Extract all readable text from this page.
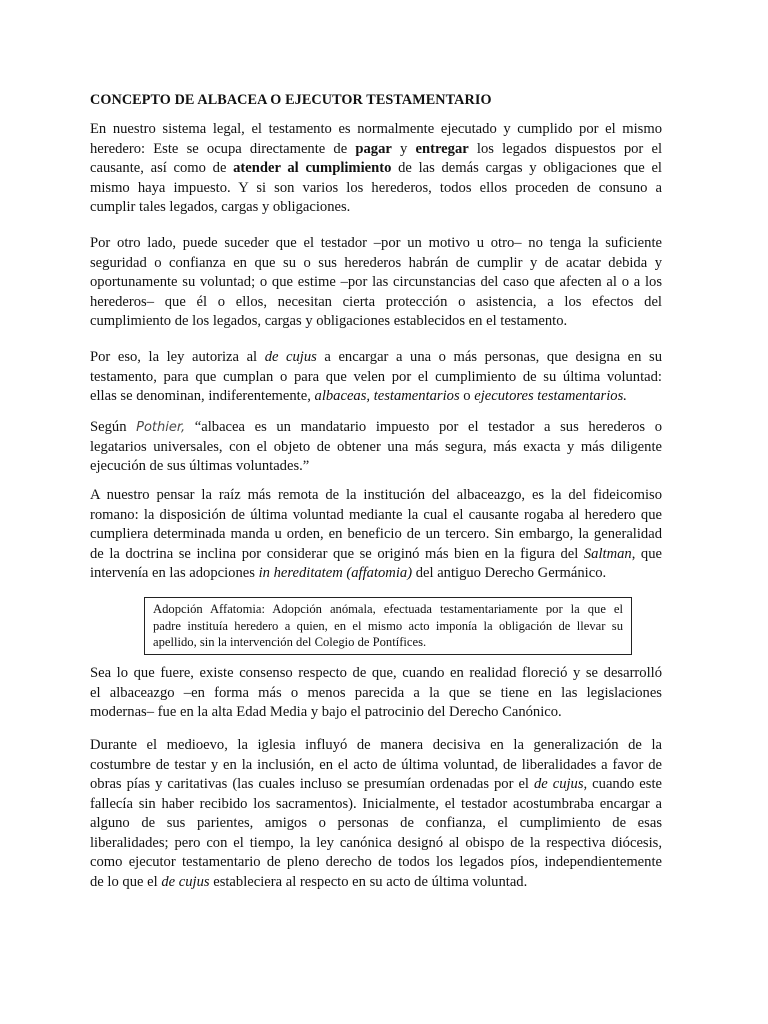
CONCEPTO DE ALBACEA O EJECUTOR TESTAMENTARIO
En nuestro sistema legal, el testamento es normalmente ejecutado y cumplido por el mismo
heredero: Este se ocupa directamente de pagar y entregar los legados dispuestos por el
causante, así como de atender al cumplimiento de las demás cargas y obligaciones que el
mismo haya impuesto. Y si son varios los herederos, todos ellos proceden de consuno a
cumplir tales legados, cargas y obligaciones.
Por otro lado, puede suceder que el testador –por un motivo u otro– no tenga la suficiente
seguridad o confianza en que su o sus herederos habrán de cumplir y de acatar debida y
oportunamente su voluntad; o que estime –por las circunstancias del caso que afecten al o a los
herederos– que él o ellos, necesitan cierta protección o asistencia, a los efectos del
cumplimiento de los legados, cargas y obligaciones establecidos en el testamento.
Por eso, la ley autoriza al de cujus a encargar a una o más personas, que designa en su
testamento, para que cumplan o para que velen por el cumplimiento de su última voluntad:
ellas se denominan, indiferentemente, albaceas, testamentarios o ejecutores testamentarios.
Según Pothier, “albacea es un mandatario impuesto por el testador a sus herederos o
legatarios universales, con el objeto de obtener una más segura, más exacta y más diligente
ejecución de sus últimas voluntades.”
A nuestro pensar la raíz más remota de la institución del albaceazgo, es la del fideicomiso
romano: la disposición de última voluntad mediante la cual el causante rogaba al heredero que
cumpliera determinada manda u orden, en beneficio de un tercero. Sin embargo, la generalidad
de la doctrina se inclina por considerar que se originó más bien en la figura del Saltman, que
intervenía en las adopciones in hereditatem (affatomia) del antiguo Derecho Germánico.
Adopción Affatomia: Adopción anómala, efectuada testamentariamente por la que el
padre instituía heredero a quien, en el mismo acto imponía la obligación de llevar su
apellido, sin la intervención del Colegio de Pontífices.
Sea lo que fuere, existe consenso respecto de que, cuando en realidad floreció y se desarrolló
el albaceazgo –en forma más o menos parecida a la que se tiene en las legislaciones
modernas– fue en la alta Edad Media y bajo el patrocinio del Derecho Canónico.
Durante el medioevo, la iglesia influyó de manera decisiva en la generalización de la
costumbre de testar y en la inclusión, en el acto de última voluntad, de liberalidades a favor de
obras pías y caritativas (las cuales incluso se presumían ordenadas por el de cujus, cuando este
fallecía sin haber recibido los sacramentos). Inicialmente, el testador acostumbraba encargar a
alguno de sus parientes, amigos o personas de confianza, el cumplimiento de esas
liberalidades; pero con el tiempo, la ley canónica designó al obispo de la respectiva diócesis,
como ejecutor testamentario de pleno derecho de todos los legados píos, independientemente
de lo que el de cujus estableciera al respecto en su acto de última voluntad.
